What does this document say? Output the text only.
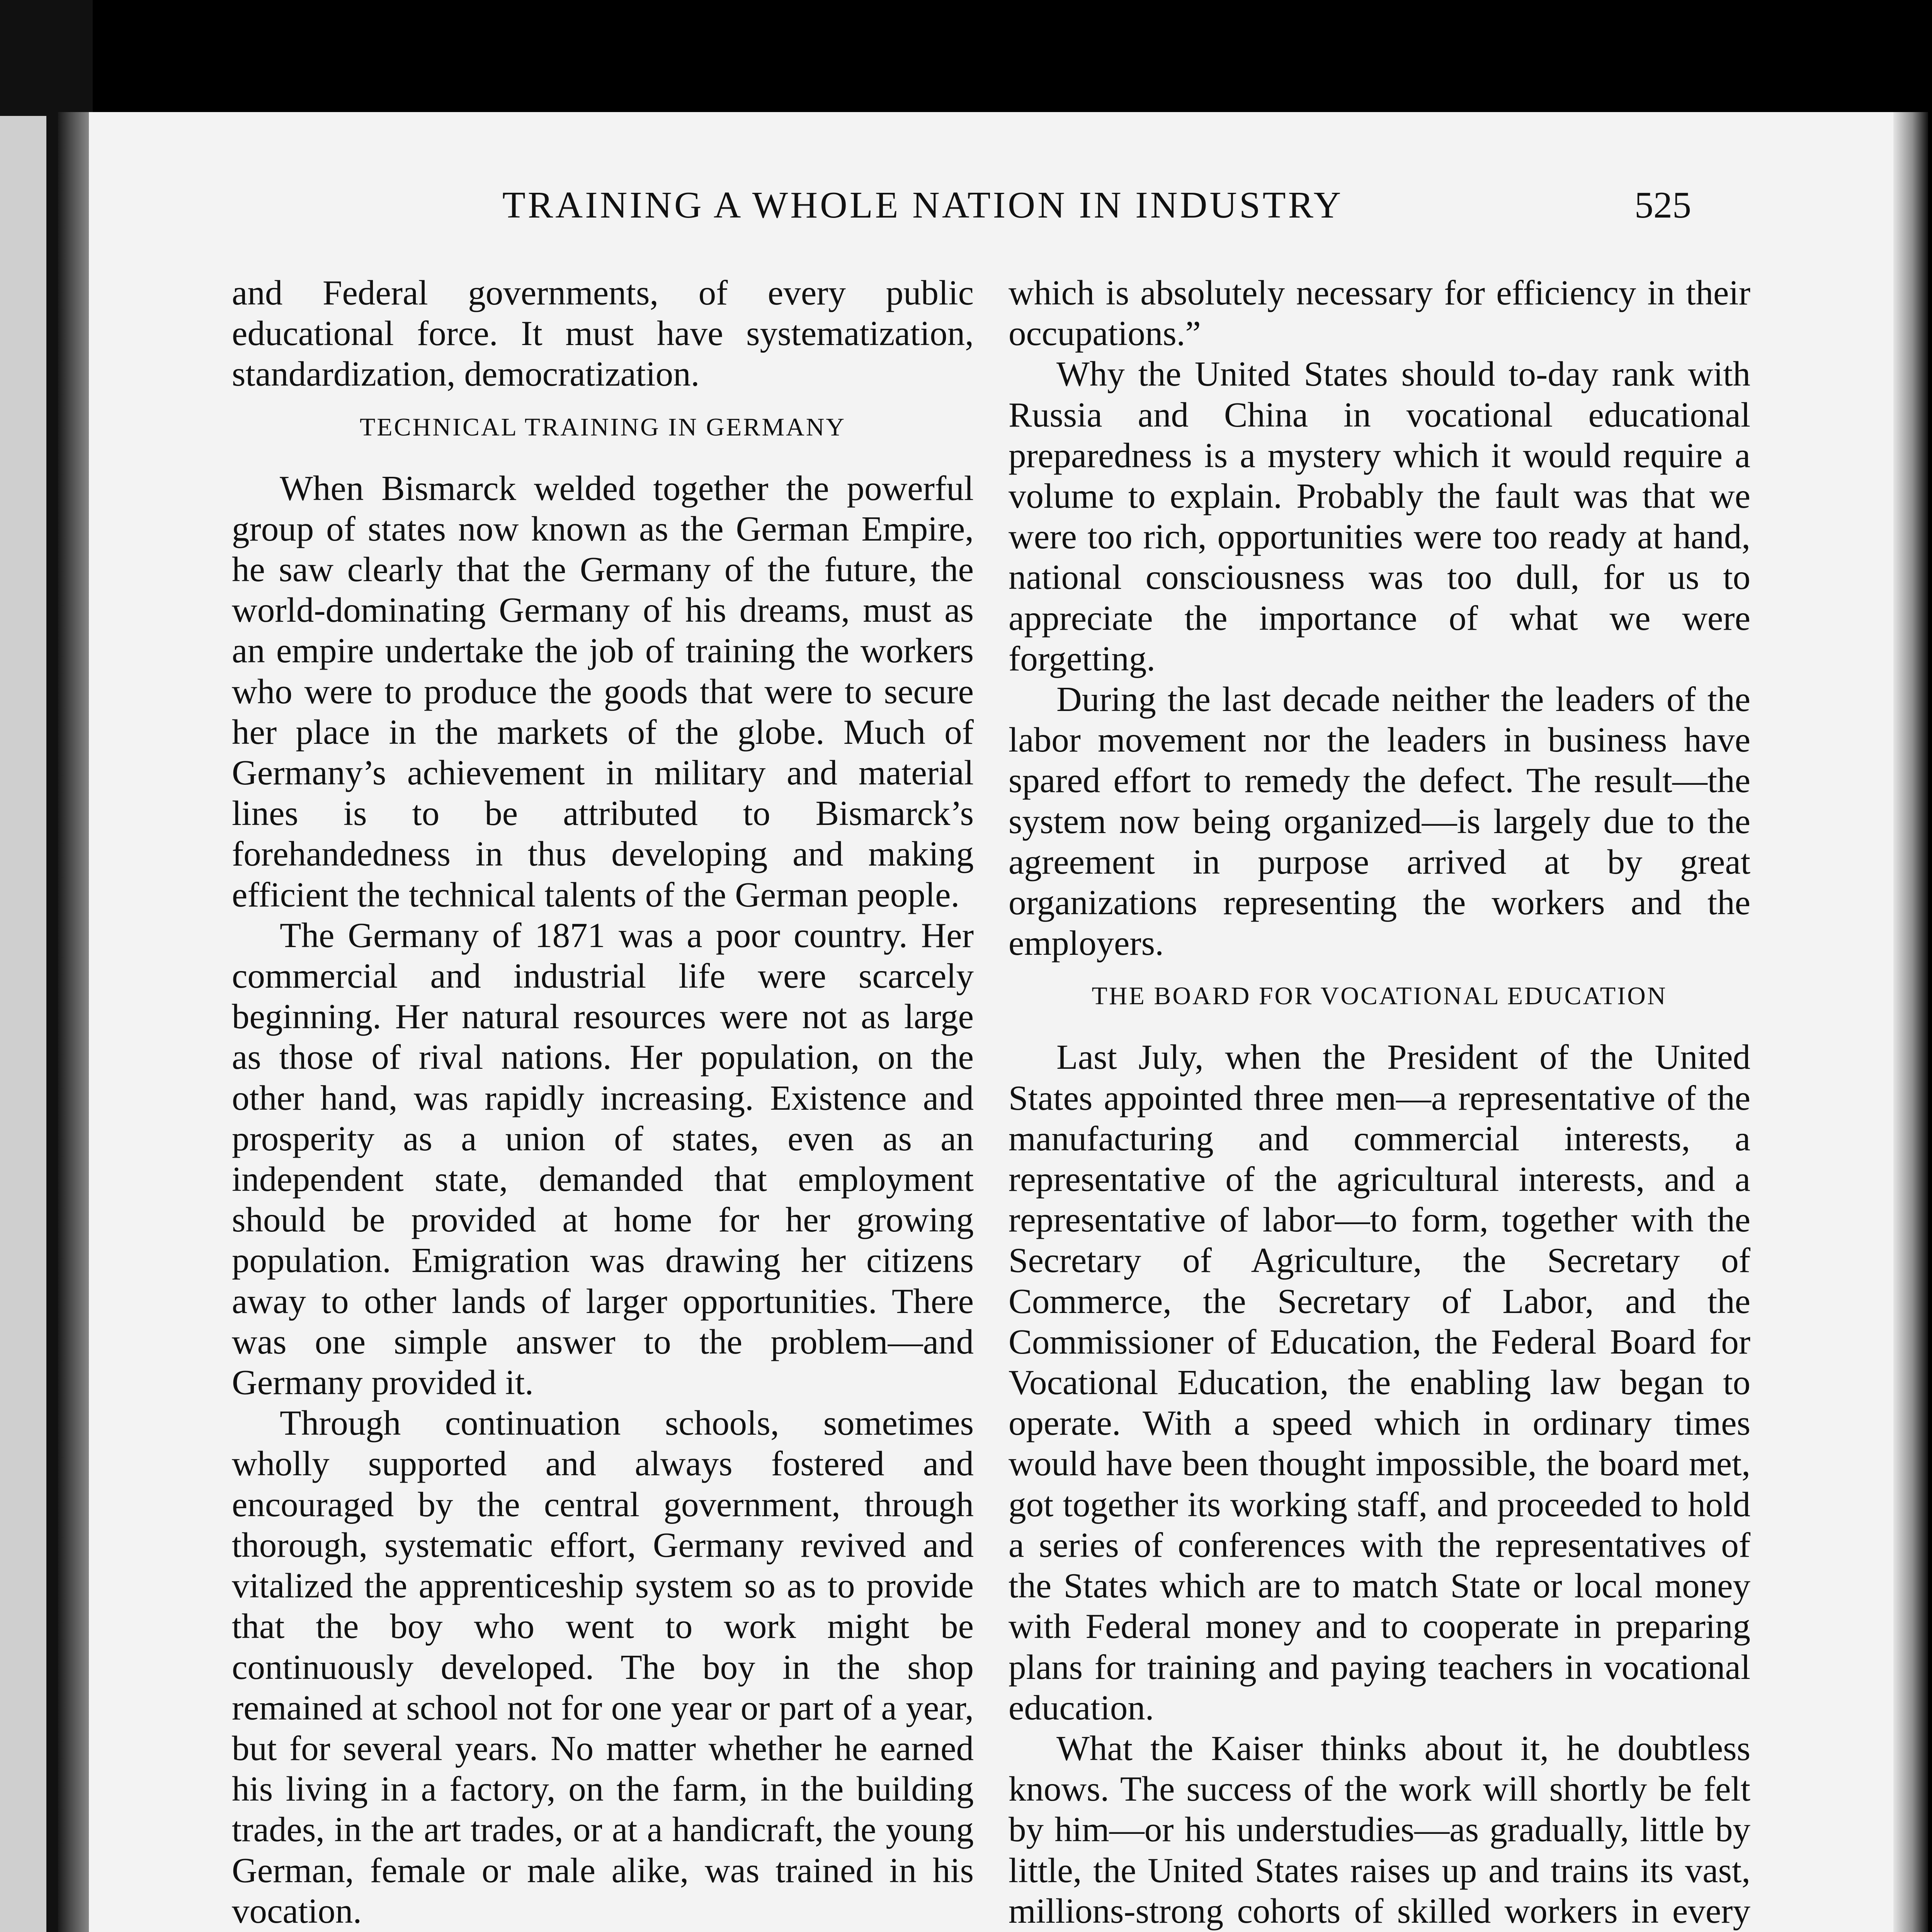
TRAINING A WHOLE NATION IN INDUSTRY	525

and Federal governments, of every public educational force. It must have systematization, standardization, democratization.

TECHNICAL TRAINING IN GERMANY

When Bismarck welded together the powerful group of states now known as the German Empire, he saw clearly that the Germany of the future, the world-dominating Germany of his dreams, must as an empire undertake the job of training the workers who were to produce the goods that were to secure her place in the markets of the globe. Much of Germany’s achievement in military and material lines is to be attributed to Bismarck’s forehandedness in thus developing and making efficient the technical talents of the German people.

The Germany of 1871 was a poor country. Her commercial and industrial life were scarcely beginning. Her natural resources were not as large as those of rival nations. Her population, on the other hand, was rapidly increasing. Existence and prosperity as a union of states, even as an independent state, demanded that employment should be provided at home for her growing population. Emigration was drawing her citizens away to other lands of larger opportunities. There was one simple answer to the problem—and Germany provided it.

Through continuation schools, sometimes wholly supported and always fostered and encouraged by the central government, through thorough, systematic effort, Germany revived and vitalized the apprenticeship system so as to provide that the boy who went to work might be continuously developed. The boy in the shop remained at school not for one year or part of a year, but for several years. No matter whether he earned his living in a factory, on the farm, in the building trades, in the art trades, or at a handicraft, the young German, female or male alike, was trained in his vocation.

which is absolutely necessary for efficiency in their occupations.”

Why the United States should to-day rank with Russia and China in vocational educational preparedness is a mystery which it would require a volume to explain. Probably the fault was that we were too rich, opportunities were too ready at hand, national consciousness was too dull, for us to appreciate the importance of what we were forgetting.

During the last decade neither the leaders of the labor movement nor the leaders in business have spared effort to remedy the defect. The result—the system now being organized—is largely due to the agreement in purpose arrived at by great organizations representing the workers and the employers.

THE BOARD FOR VOCATIONAL EDUCATION

Last July, when the President of the United States appointed three men—a representative of the manufacturing and commercial interests, a representative of the agricultural interests, and a representative of labor—to form, together with the Secretary of Agriculture, the Secretary of Commerce, the Secretary of Labor, and the Commissioner of Education, the Federal Board for Vocational Education, the enabling law began to operate. With a speed which in ordinary times would have been thought impossible, the board met, got together its working staff, and proceeded to hold a series of conferences with the representatives of the States which are to match State or local money with Federal money and to cooperate in preparing plans for training and paying teachers in vocational education.

What the Kaiser thinks about it, he doubtless knows. The success of the work will shortly be felt by him—or his understudies—as gradually, little by little, the United States raises up and trains its vast, millions-strong cohorts of skilled workers in every
